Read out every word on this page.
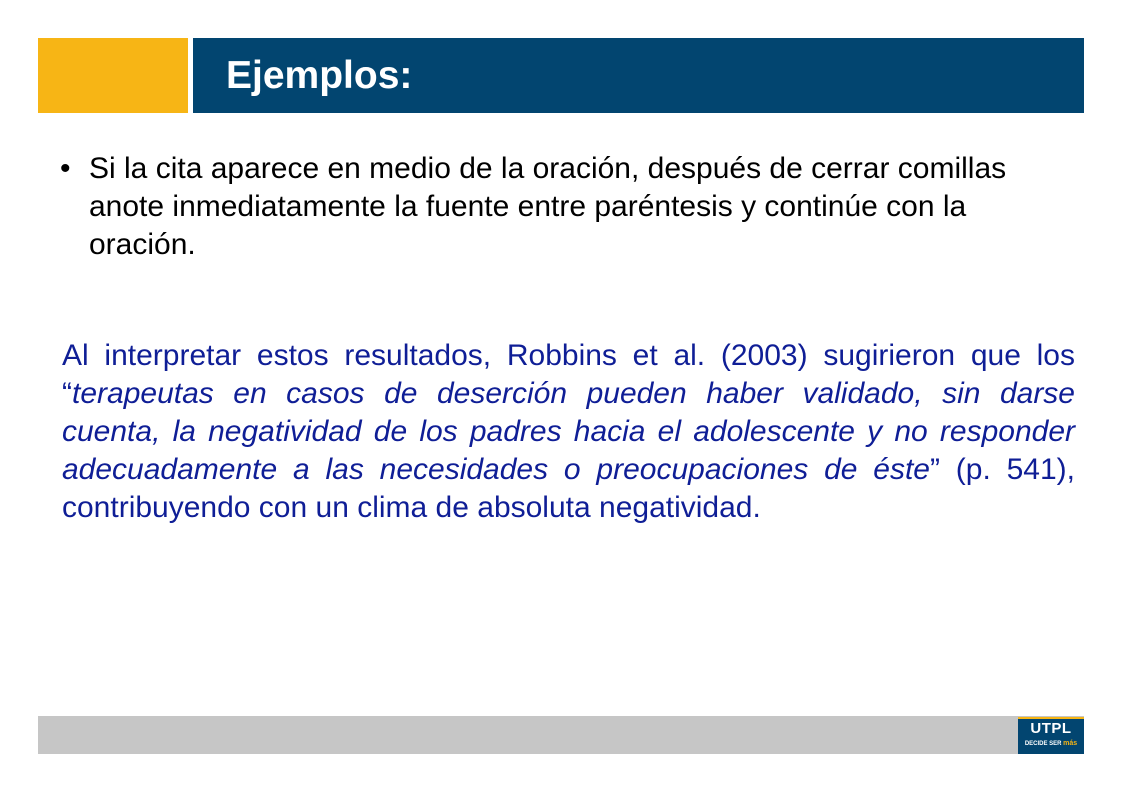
Ejemplos:
• Si la cita aparece en medio de la oración, después de cerrar comillas anote inmediatamente la fuente entre paréntesis y continúe con la oración.

Al interpretar estos resultados, Robbins et al. (2003) sugirieron que los “terapeutas en casos de deserción pueden haber validado, sin darse cuenta, la negatividad de los padres hacia el adolescente y no responder adecuadamente a las necesidades o preocupaciones de éste” (p. 541), contribuyendo con un clima de absoluta negatividad.

UTPL
DECIDE SER más
